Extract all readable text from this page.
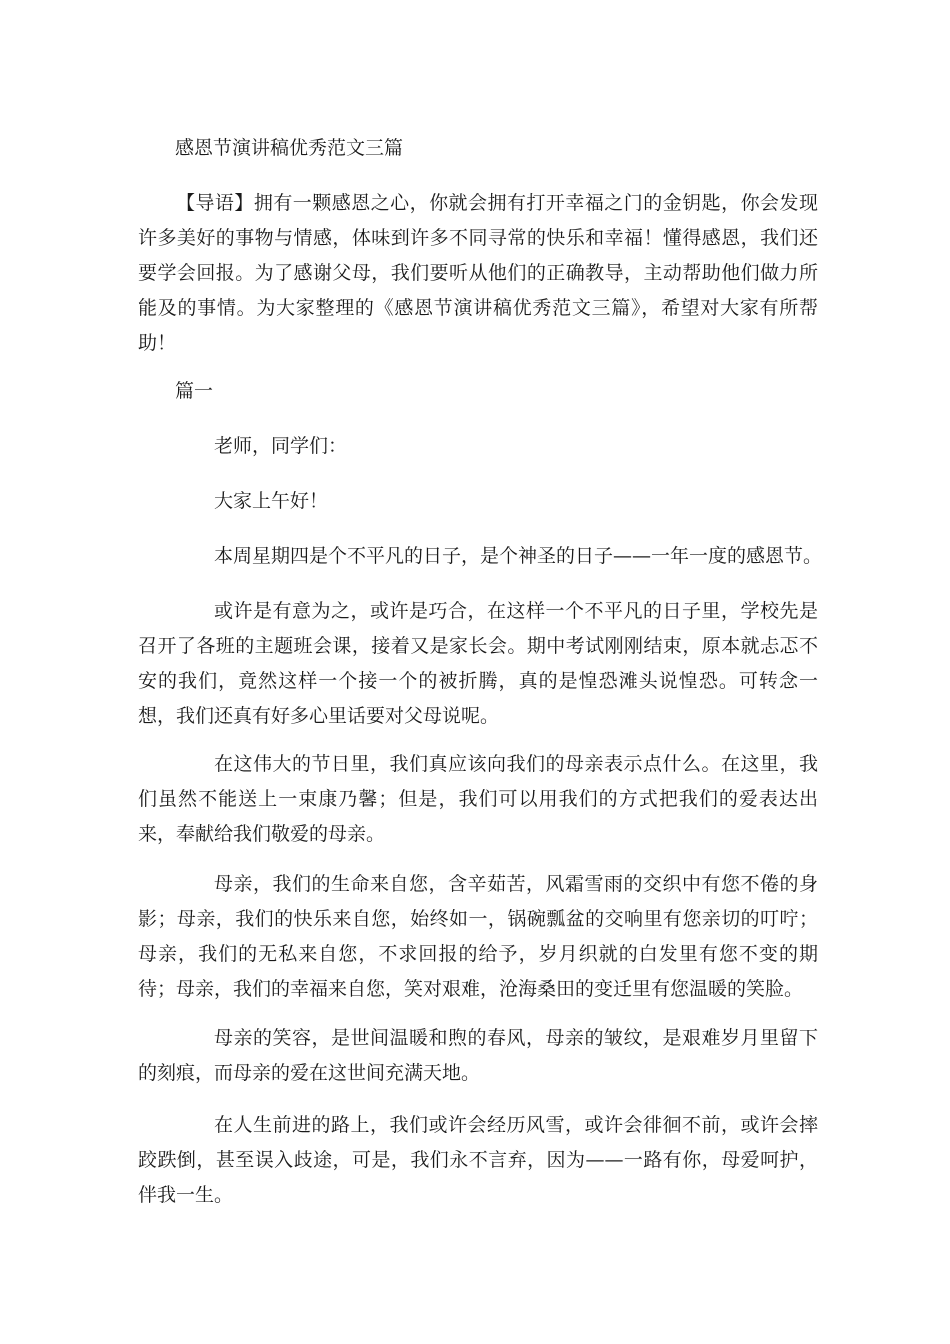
感恩节演讲稿优秀范文三篇

【导语】拥有一颗感恩之心，你就会拥有打开幸福之门的金钥匙，你会发现许多美好的事物与情感，体味到许多不同寻常的快乐和幸福！懂得感恩，我们还要学会回报。为了感谢父母，我们要听从他们的正确教导，主动帮助他们做力所能及的事情。为大家整理的《感恩节演讲稿优秀范文三篇》，希望对大家有所帮助！

篇一

老师，同学们：

大家上午好！

本周星期四是个不平凡的日子，是个神圣的日子——一年一度的感恩节。

或许是有意为之，或许是巧合，在这样一个不平凡的日子里，学校先是召开了各班的主题班会课，接着又是家长会。期中考试刚刚结束，原本就忐忑不安的我们，竟然这样一个接一个的被折腾，真的是惶恐滩头说惶恐。可转念一想，我们还真有好多心里话要对父母说呢。

在这伟大的节日里，我们真应该向我们的母亲表示点什么。在这里，我们虽然不能送上一束康乃馨；但是，我们可以用我们的方式把我们的爱表达出来，奉献给我们敬爱的母亲。

母亲，我们的生命来自您，含辛茹苦，风霜雪雨的交织中有您不倦的身影；母亲，我们的快乐来自您，始终如一，锅碗瓢盆的交响里有您亲切的叮咛；母亲，我们的无私来自您，不求回报的给予，岁月织就的白发里有您不变的期待；母亲，我们的幸福来自您，笑对艰难，沧海桑田的变迁里有您温暖的笑脸。

母亲的笑容，是世间温暖和煦的春风，母亲的皱纹，是艰难岁月里留下的刻痕，而母亲的爱在这世间充满天地。

在人生前进的路上，我们或许会经历风雪，或许会徘徊不前，或许会摔跤跌倒，甚至误入歧途，可是，我们永不言弃，因为——一路有你，母爱呵护，伴我一生。
